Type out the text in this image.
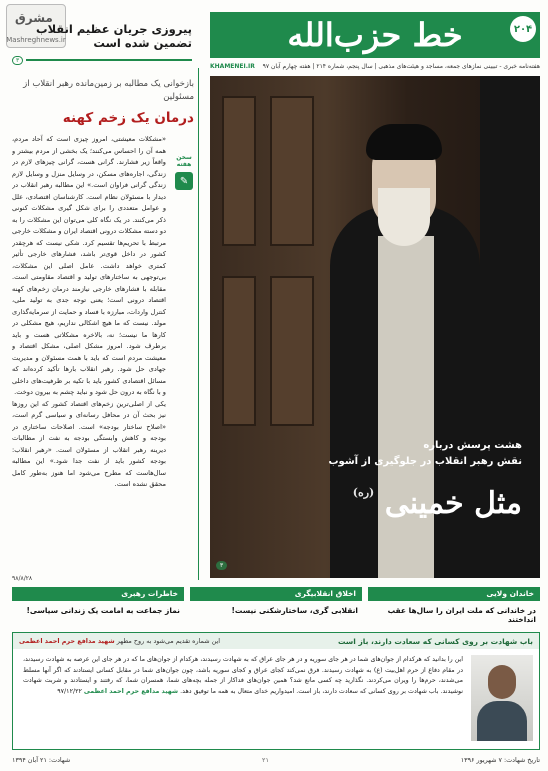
خط حزب‌الله	۲۰۴
هفته‌نامه خبری - تبیینی نمازهای جمعه، مساجد و هیئت‌های مذهبی | سال پنجم، شماره ۲۱۴ | هفته چهارم آبان ۹۷
KHAMENEI.IR
مشرق
Mashreghnews.ir
پیروزی جریان عظیم انقلاب
تضمین شده است
۳
بازخوانی یک مطالبه بر زمین‌مانده رهبر انقلاب از مسئولین
درمان یک زخم کهنه
سخن هفته
✎

«مشکلات معیشتی، امروز چیزی است که آحاد مردم، همه آن را احساس می‌کنند؛ یک بخشی از مردم بیشتر و واقعاً زیر فشارند. گرانی هست، گرانی چیزهای لازم در زندگی، اجاره‌های مسکن، در وسایل منزل و وسایل لازم زندگی گرانی فراوان است.» این مطالبه رهبر انقلاب در دیدار با مسئولان نظام است. کارشناسان اقتصادی، علل و عوامل متعددی را برای شکل گیری مشکلات کنونی ذکر می‌کنند. در یک نگاه کلی می‌توان این مشکلات را به دو دسته مشکلات درونی اقتصاد ایران و مشکلات خارجی مرتبط با تحریم‌ها تقسیم کرد. شکی نیست که هرچقدر کشور در داخل قوی‌تر باشد، فشارهای خارجی تأثیر کمتری خواهد داشت. عامل اصلی این مشکلات، بی‌توجهی به ساختارهای تولید و اقتصاد مقاومتی است. مقابله با فشارهای خارجی نیازمند درمان زخم‌های کهنه اقتصاد درونی است؛ یعنی توجه جدی به تولید ملی، کنترل واردات، مبارزه با فساد و حمایت از سرمایه‌گذاری مولد. نیست که ما هیچ اشکالی نداریم، هیچ مشکلی در کارها ما نیست؛ نه، بالاخره مشکلاتی هست و باید برطرف شود. امروز مشکل اصلی، مشکل اقتصاد و معیشت مردم است که باید با همت مسئولان و مدیریت جهادی حل شود. رهبر انقلاب بارها تأکید کرده‌اند که مسائل اقتصادی کشور باید با تکیه بر ظرفیت‌های داخلی و با نگاه به درون حل شود و نباید چشم به بیرون دوخت.

یکی از اصلی‌ترین زخم‌های اقتصاد کشور که این روزها نیز بحث آن در محافل رسانه‌ای و سیاسی گرم است، «اصلاح ساختار بودجه» است. اصلاحات ساختاری در بودجه و کاهش وابستگی بودجه به نفت از مطالبات دیرینه رهبر انقلاب از مسئولان است. «رهبر انقلاب: بودجه کشور باید از نفت جدا شود.» این مطالبه سال‌هاست که مطرح می‌شود اما هنوز به‌طور کامل محقق نشده است.

۹۸/۸/۲۸
هشت پرسش درباره
نقش رهبر انقلاب در جلوگیری از آشوب
مثل خمینی $^{(ره)}$
۳
خاندان ولایی
در خاندانی که ملت ایران را سال‌ها عقب انداختند
اخلاق انقلابیگری
انقلابی گری، ساختارشکنی نیست!
خاطرات رهبری
نماز جماعت به امامت یک زندانی سیاسی!
باب شهادت بر روی کسانی که سعادت دارند، باز است
این شماره تقدیم می‌شود به روح مطهر شهید مدافع حرم احمد اعظمی
این را بدانید که هرکدام از جوان‌های شما در هر جای سوریه و در هر جای عراق که به شهادت رسیدند، هرکدام از جوان‌های ما که در هر جای این عرصه به شهادت رسیدند، در مقام دفاع از حرم اهل‌بیت (ع) به شهادت رسیدند. فرق نمی‌کند کجای عراق و کجای سوریه باشد، چون جوان‌های شما در مقابل کسانی ایستادند که اگر آنها مسلط می‌شدند، حرم‌ها را ویران می‌کردند. نگذارید چه کسی مانع شد؟ همین جوان‌های فداکار از جمله بچه‌های شما، همسران شما، که رفتند و ایستادند و شربت شهادت نوشیدند. باب شهادت بر روی کسانی که سعادت دارند، باز است. امیدواریم خدای متعال به همه ما توفیق دهد. شهید مدافع حرم احمد اعظمی ۹۷/۱۲/۲۲
تاریخ شهادت: ۷ شهریور ۱۳۹۶
۲۱
شهادت: ۲۱ آبان ۱۳۹۴
